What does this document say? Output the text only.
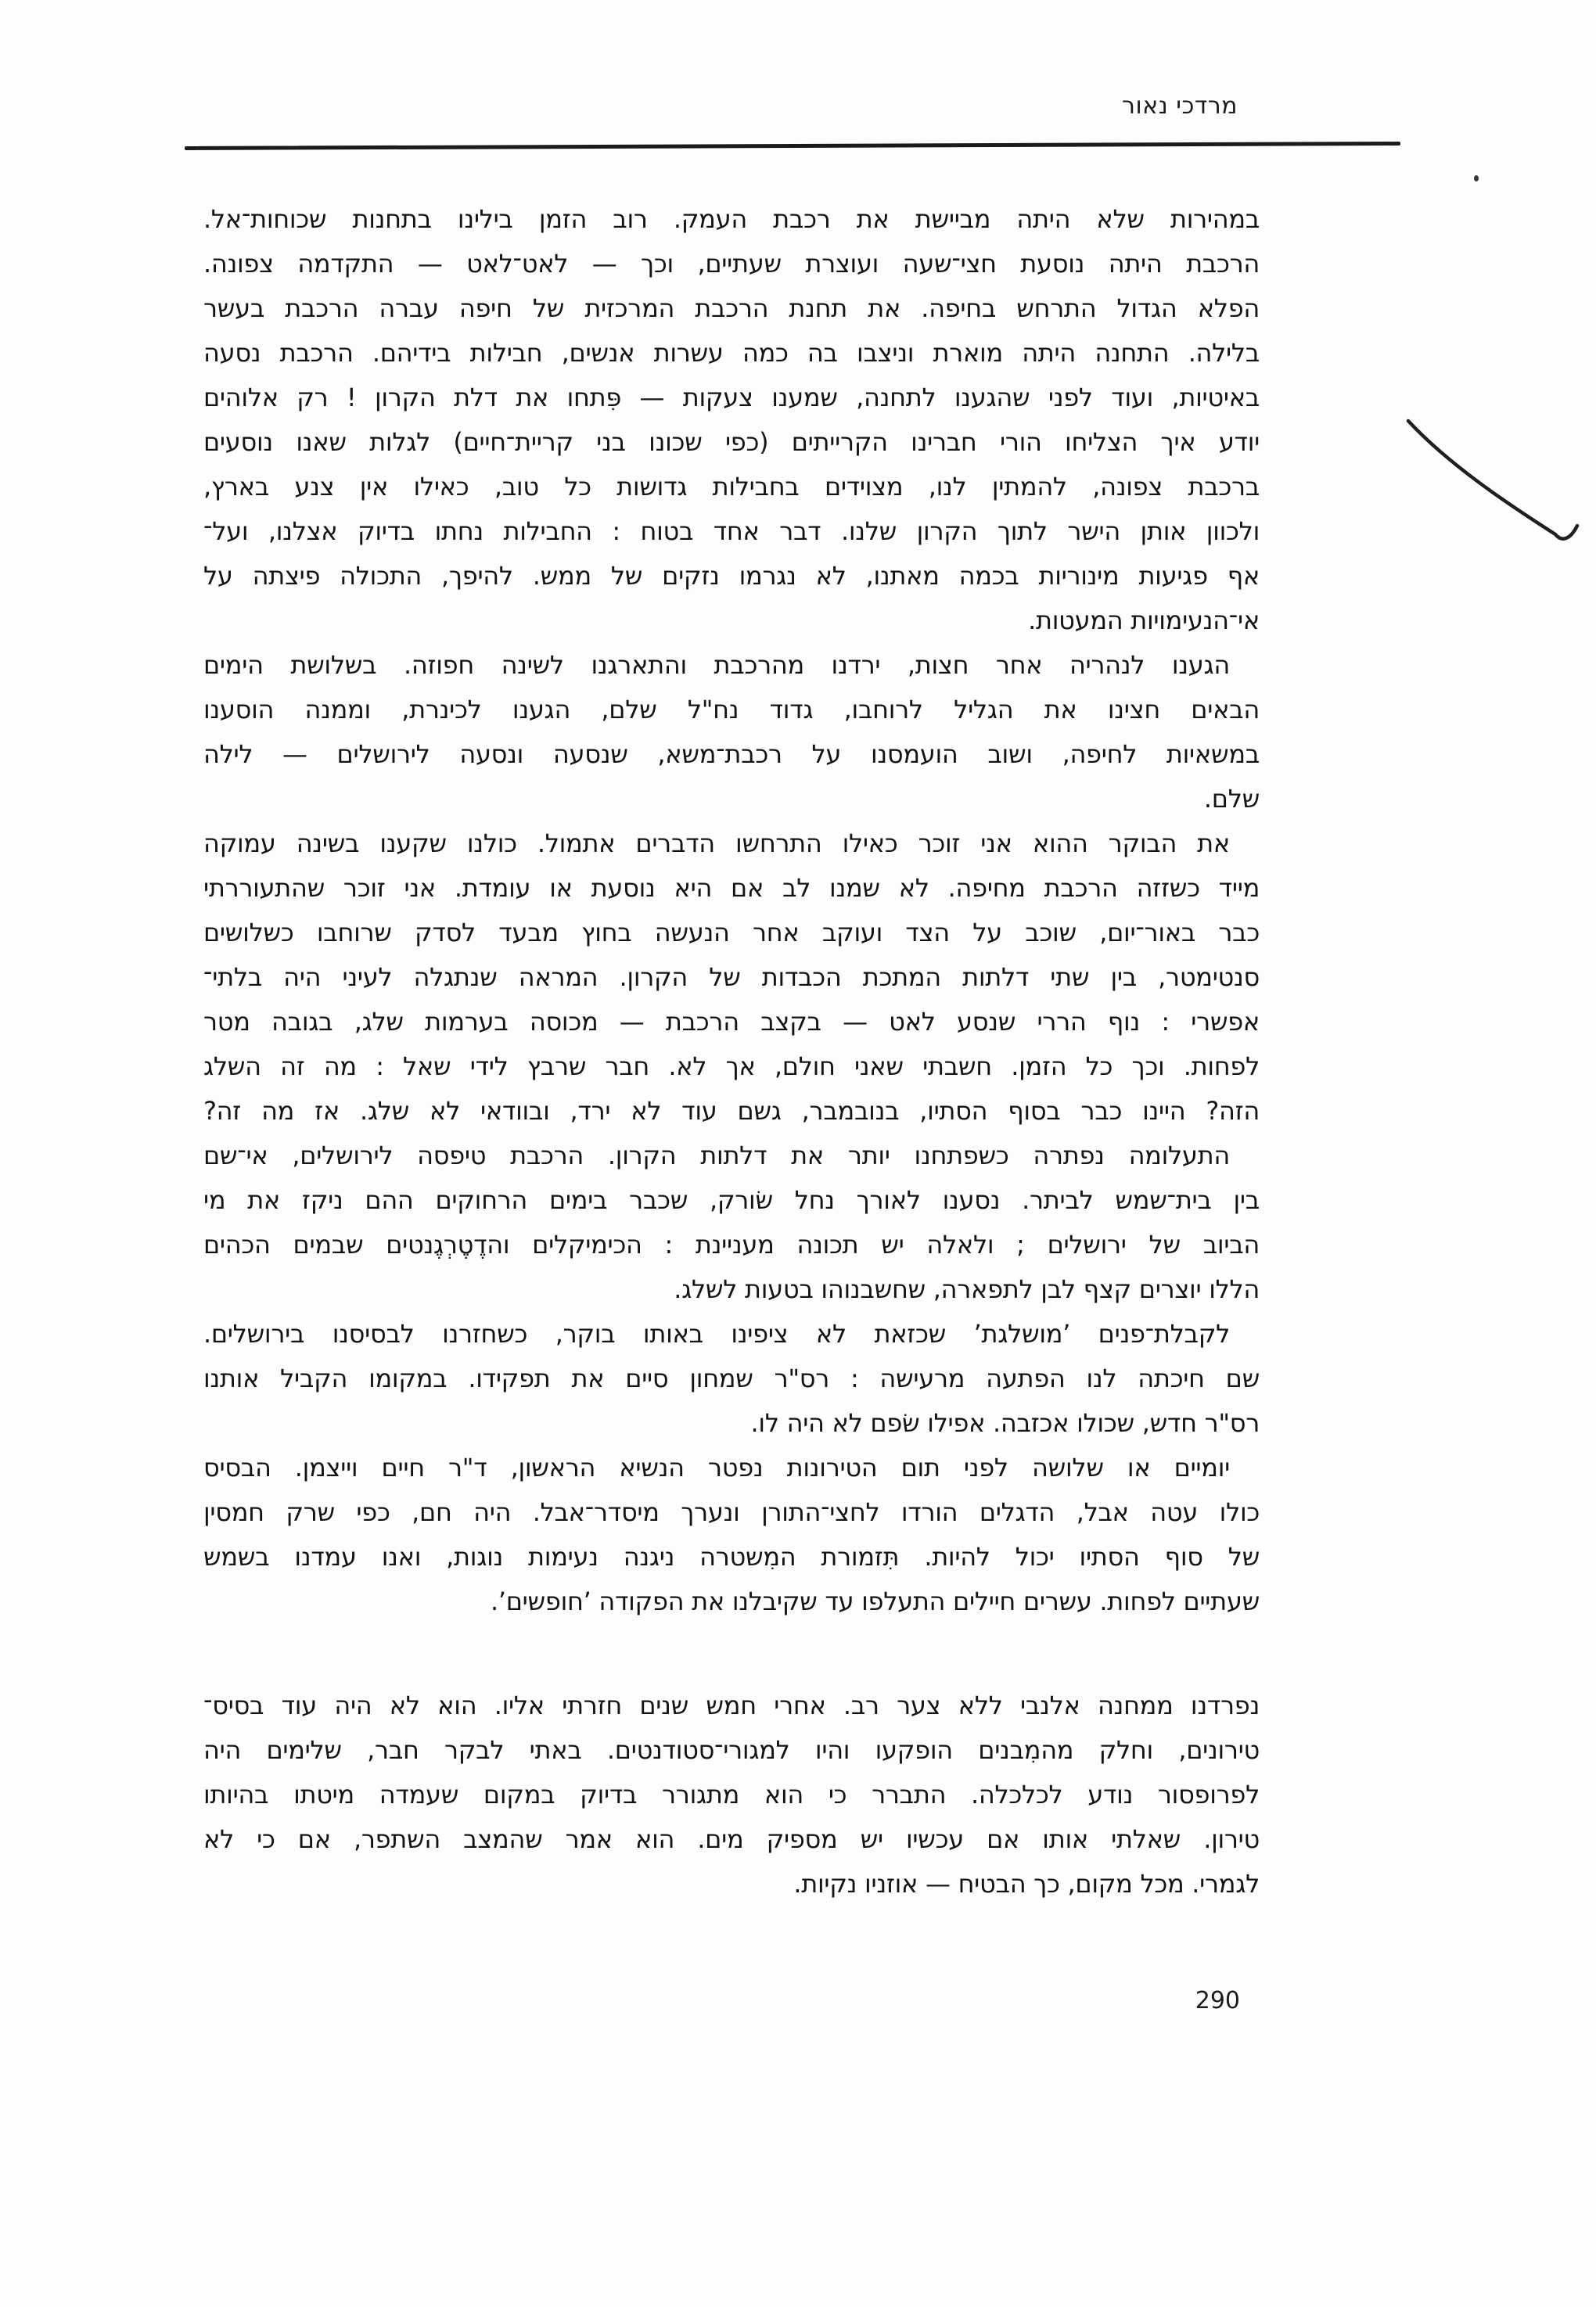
מרדכי נאור
במהירות שלא היתה מביישת את רכבת העמק. רוב הזמן בילינו בתחנות שכוחות־אל.
הרכבת היתה נוסעת חצי־שעה ועוצרת שעתיים, וכך — לאט־לאט — התקדמה צפונה.
הפלא הגדול התרחש בחיפה. את תחנת הרכבת המרכזית של חיפה עברה הרכבת בעשר
בלילה. התחנה היתה מוארת וניצבו בה כמה עשרות אנשים, חבילות בידיהם. הרכבת נסעה
באיטיות, ועוד לפני שהגענו לתחנה, שמענו צעקות — פִּתחו את דלת הקרון ! רק אלוהים
יודע איך הצליחו הורי חברינו הקרייתים (כפי שכונו בני קריית־חיים) לגלות שאנו נוסעים
ברכבת צפונה, להמתין לנו, מצוידים בחבילות גדושות כל טוב, כאילו אין צנע בארץ,
ולכוון אותן הישר לתוך הקרון שלנו. דבר אחד בטוח : החבילות נחתו בדיוק אצלנו, ועל־
אף פגיעות מינוריות בכמה מאתנו, לא נגרמו נזקים של ממש. להיפך, התכולה פיצתה על
אי־הנעימויות המעטות.
הגענו לנהריה אחר חצות, ירדנו מהרכבת והתארגנו לשינה חפוזה. בשלושת הימים
הבאים חצינו את הגליל לרוחבו, גדוד נח"ל שלם, הגענו לכינרת, וממנה הוסענו
במשאיות לחיפה, ושוב הועמסנו על רכבת־משא, שנסעה ונסעה לירושלים — לילה
שלם.
את הבוקר ההוא אני זוכר כאילו התרחשו הדברים אתמול. כולנו שקענו בשינה עמוקה
מייד כשזזה הרכבת מחיפה. לא שמנו לב אם היא נוסעת או עומדת. אני זוכר שהתעוררתי
כבר באור־יום, שוכב על הצד ועוקב אחר הנעשה בחוץ מבעד לסדק שרוחבו כשלושים
סנטימטר, בין שתי דלתות המתכת הכבדות של הקרון. המראה שנתגלה לעיני היה בלתי־
אפשרי : נוף הררי שנסע לאט — בקצב הרכבת — מכוסה בערמות שלג, בגובה מטר
לפחות. וכך כל הזמן. חשבתי שאני חולם, אך לא. חבר שרבץ לידי שאל : מה זה השלג
הזה? היינו כבר בסוף הסתיו, בנובמבר, גשם עוד לא ירד, ובוודאי לא שלג. אז מה זה?
התעלומה נפתרה כשפתחנו יותר את דלתות הקרון. הרכבת טיפסה לירושלים, אי־שם
בין בית־שמש לביתר. נסענו לאורך נחל שׂורק, שכבר בימים הרחוקים ההם ניקז את מי
הביוב של ירושלים ; ולאלה יש תכונה מעניינת : הכימיקלים והדֶטֶרְגֶנטים שבמים הכהים
הללו יוצרים קצף לבן לתפארה, שחשבנוהו בטעות לשלג.
לקבלת־פנים ’מושלגת’ שכזאת לא ציפינו באותו בוקר, כשחזרנו לבסיסנו בירושלים.
שם חיכתה לנו הפתעה מרעישה : רס"ר שמחון סיים את תפקידו. במקומו הקביל אותנו
רס"ר חדש, שכולו אכזבה. אפילו שׂפם לא היה לו.
יומיים או שלושה לפני תום הטירונות נפטר הנשיא הראשון, ד"ר חיים וייצמן. הבסיס
כולו עטה אבל, הדגלים הורדו לחצי־התורן ונערך מיסדר־אבל. היה חם, כפי שרק חמסין
של סוף הסתיו יכול להיות. תִּזמורת המִשטרה ניגנה נעימות נוגות, ואנו עמדנו בשמש
שעתיים לפחות. עשרים חיילים התעלפו עד שקיבלנו את הפקודה ’חופשים’.
נפרדנו ממחנה אלנבי ללא צער רב. אחרי חמש שנים חזרתי אליו. הוא לא היה עוד בסיס־
טירונים, וחלק מהמִבנים הופקעו והיו למגורי־סטודנטים. באתי לבקר חבר, שלימים היה
לפרופסור נודע לכלכלה. התברר כי הוא מתגורר בדיוק במקום שעמדה מיטתו בהיותו
טירון. שאלתי אותו אם עכשיו יש מספיק מים. הוא אמר שהמצב השתפר, אם כי לא
לגמרי. מכל מקום, כך הבטיח — אוזניו נקיות.
290
